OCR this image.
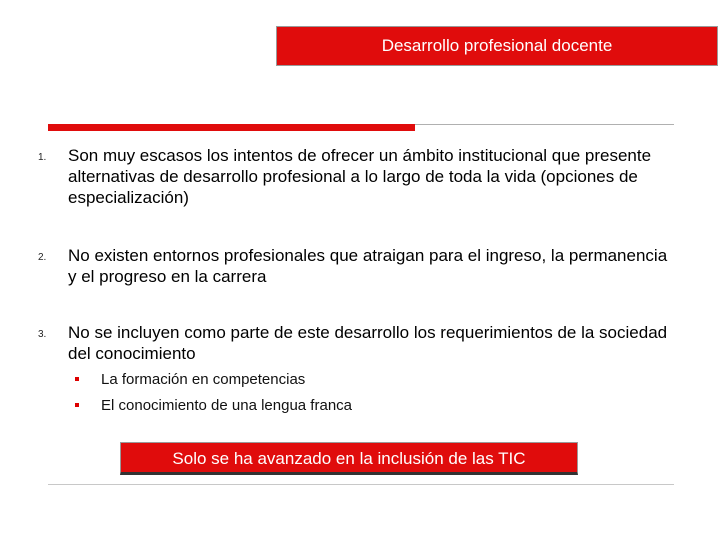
Desarrollo profesional docente
1. Son muy escasos los intentos de ofrecer un ámbito institucional que presente alternativas de desarrollo profesional a lo largo de toda la vida (opciones de especialización)
2. No existen entornos profesionales que atraigan para el ingreso, la permanencia y el progreso en la carrera
3. No se incluyen como parte de este desarrollo los requerimientos de la sociedad del conocimiento
La formación en competencias
El conocimiento de una lengua franca
Solo se ha avanzado en la inclusión de las TIC
